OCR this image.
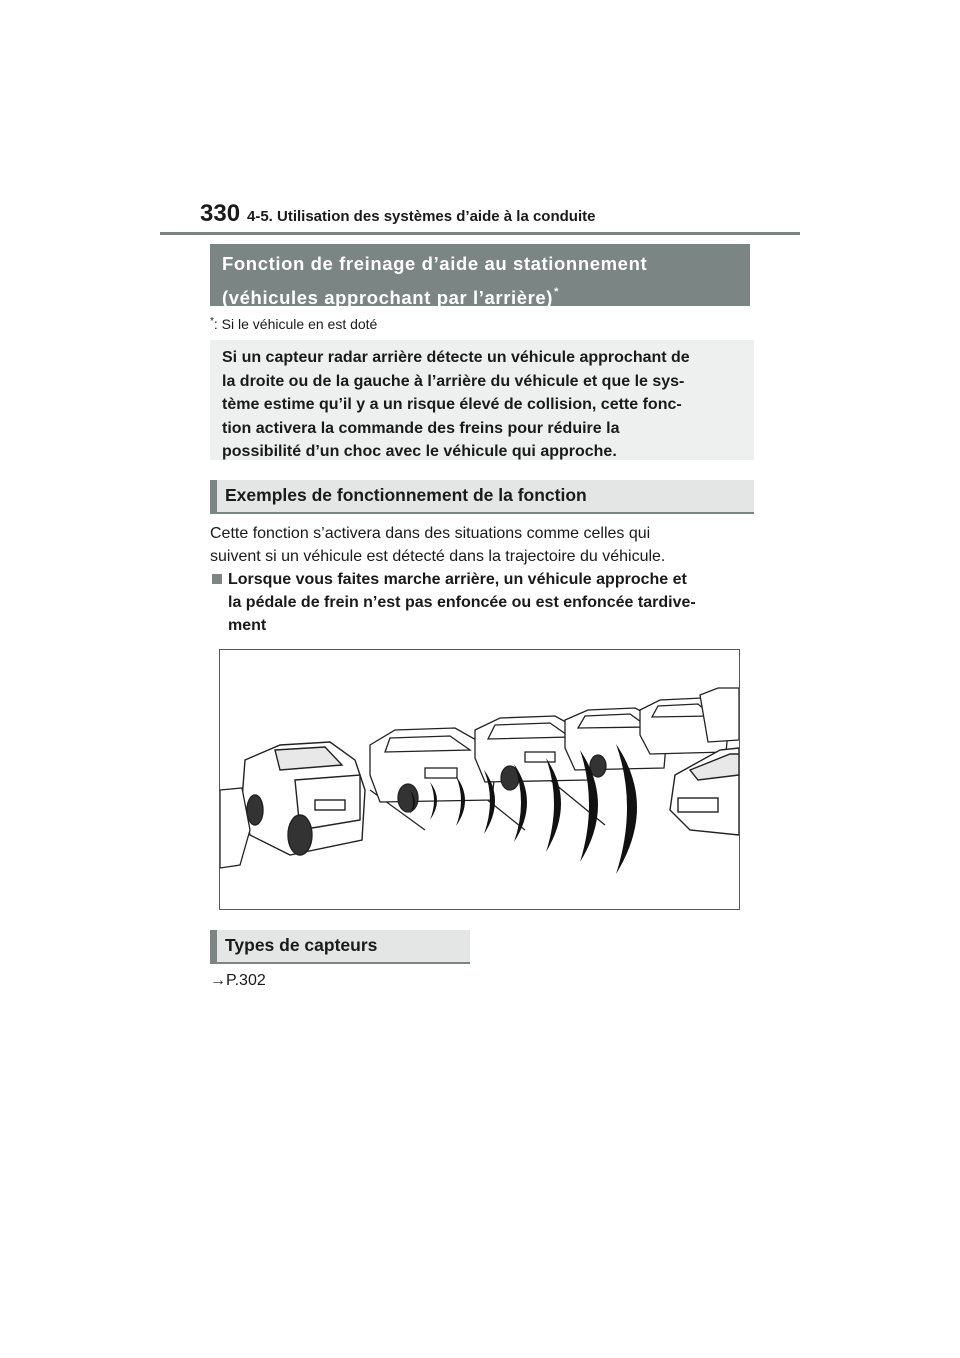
330 4-5. Utilisation des systèmes d’aide à la conduite
Fonction de freinage d’aide au stationnement
(véhicules approchant par l’arrière)*
*: Si le véhicule en est doté
Si un capteur radar arrière détecte un véhicule approchant de
la droite ou de la gauche à l’arrière du véhicule et que le sys-
tème estime qu’il y a un risque élevé de collision, cette fonc-
tion activera la commande des freins pour réduire la
possibilité d’un choc avec le véhicule qui approche.
Exemples de fonctionnement de la fonction
Cette fonction s’activera dans des situations comme celles qui
suivent si un véhicule est détecté dans la trajectoire du véhicule.
Lorsque vous faites marche arrière, un véhicule approche et
la pédale de frein n’est pas enfoncée ou est enfoncée tardive-
ment
Types de capteurs
→P.302
